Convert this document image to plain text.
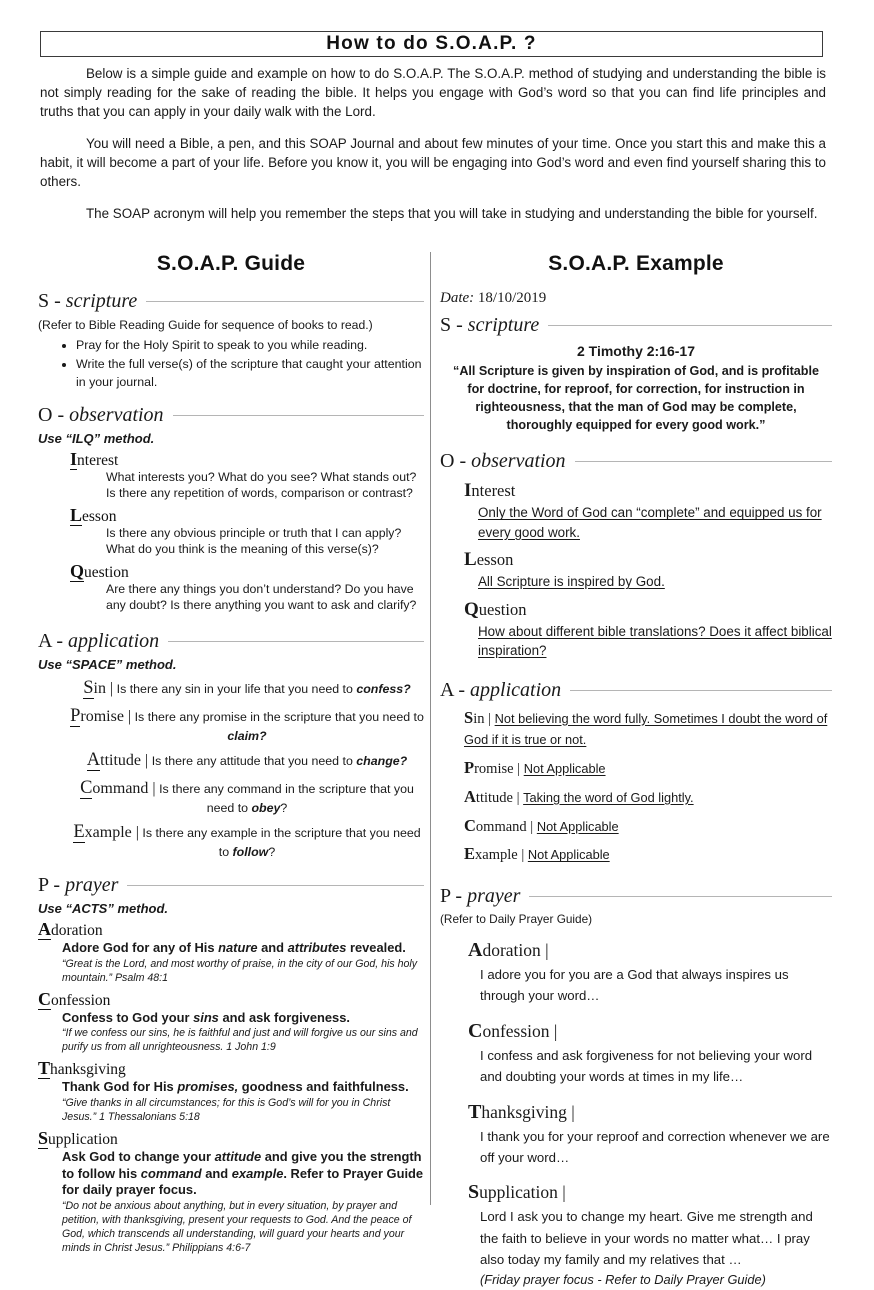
How to do S.O.A.P. ?

Below is a simple guide and example on how to do S.O.A.P. The S.O.A.P. method of studying and understanding the bible is not simply reading for the sake of reading the bible. It helps you engage with God’s word so that you can find life principles and truths that you can apply in your daily walk with the Lord.

You will need a Bible, a pen, and this SOAP Journal and about few minutes of your time. Once you start this and make this a habit, it will become a part of your life. Before you know it, you will be engaging into God’s word and even find yourself sharing this to others.

The SOAP acronym will help you remember the steps that you will take in studying and understanding the bible for yourself.

S.O.A.P. Guide
S - scripture
(Refer to Bible Reading Guide for sequence of books to read.)
• Pray for the Holy Spirit to speak to you while reading.
• Write the full verse(s) of the scripture that caught your attention in your journal.
O - observation
Use “ILQ” method.
Interest
What interests you? What do you see? What stands out?
Is there any repetition of words, comparison or contrast?
Lesson
Is there any obvious principle or truth that I can apply?
What do you think is the meaning of this verse(s)?
Question
Are there any things you don’t understand? Do you have
any doubt? Is there anything you want to ask and clarify?
A - application
Use “SPACE” method.
Sin | Is there any sin in your life that you need to confess?
Promise | Is there any promise in the scripture that you need to claim?
Attitude | Is there any attitude that you need to change?
Command | Is there any command in the scripture that you need to obey?
Example | Is there any example in the scripture that you need to follow?
P - prayer
Use “ACTS” method.
Adoration
Adore God for any of His nature and attributes revealed.
“Great is the Lord, and most worthy of praise, in the city of our God, his holy mountain.” Psalm 48:1
Confession
Confess to God your sins and ask forgiveness.
“If we confess our sins, he is faithful and just and will forgive us our sins and purify us from all unrighteousness. 1 John 1:9
Thanksgiving
Thank God for His promises, goodness and faithfulness.
“Give thanks in all circumstances; for this is God’s will for you in Christ Jesus.” 1 Thessalonians 5:18
Supplication
Ask God to change your attitude and give you the strength to follow his command and example. Refer to Prayer Guide for daily prayer focus.
“Do not be anxious about anything, but in every situation, by prayer and petition, with thanksgiving, present your requests to God. And the peace of God, which transcends all understanding, will guard your hearts and your minds in Christ Jesus.” Philippians 4:6-7
S.O.A.P. Example
Date: 18/10/2019
S - scripture
2 Timothy 2:16-17
“All Scripture is given by inspiration of God, and is profitable for doctrine, for reproof, for correction, for instruction in righteousness, that the man of God may be complete, thoroughly equipped for every good work.”
O - observation
Interest
Only the Word of God can “complete” and equipped us for every good work.
Lesson
All Scripture is inspired by God.
Question
How about different bible translations? Does it affect biblical inspiration?
A - application
Sin | Not believing the word fully. Sometimes I doubt the word of God if it is true or not.
Promise | Not Applicable
Attitude | Taking the word of God lightly.
Command | Not Applicable
Example | Not Applicable
P - prayer
(Refer to Daily Prayer Guide)
Adoration |
I adore you for you are a God that always inspires us through your word…
Confession |
I confess and ask forgiveness for not believing your word and doubting your words at times in my life…
Thanksgiving |
I thank you for your reproof and correction whenever we are off your word…
Supplication |
Lord I ask you to change my heart. Give me strength and the faith to believe in your words no matter what… I pray also today my family and my relatives that …
(Friday prayer focus - Refer to Daily Prayer Guide)
